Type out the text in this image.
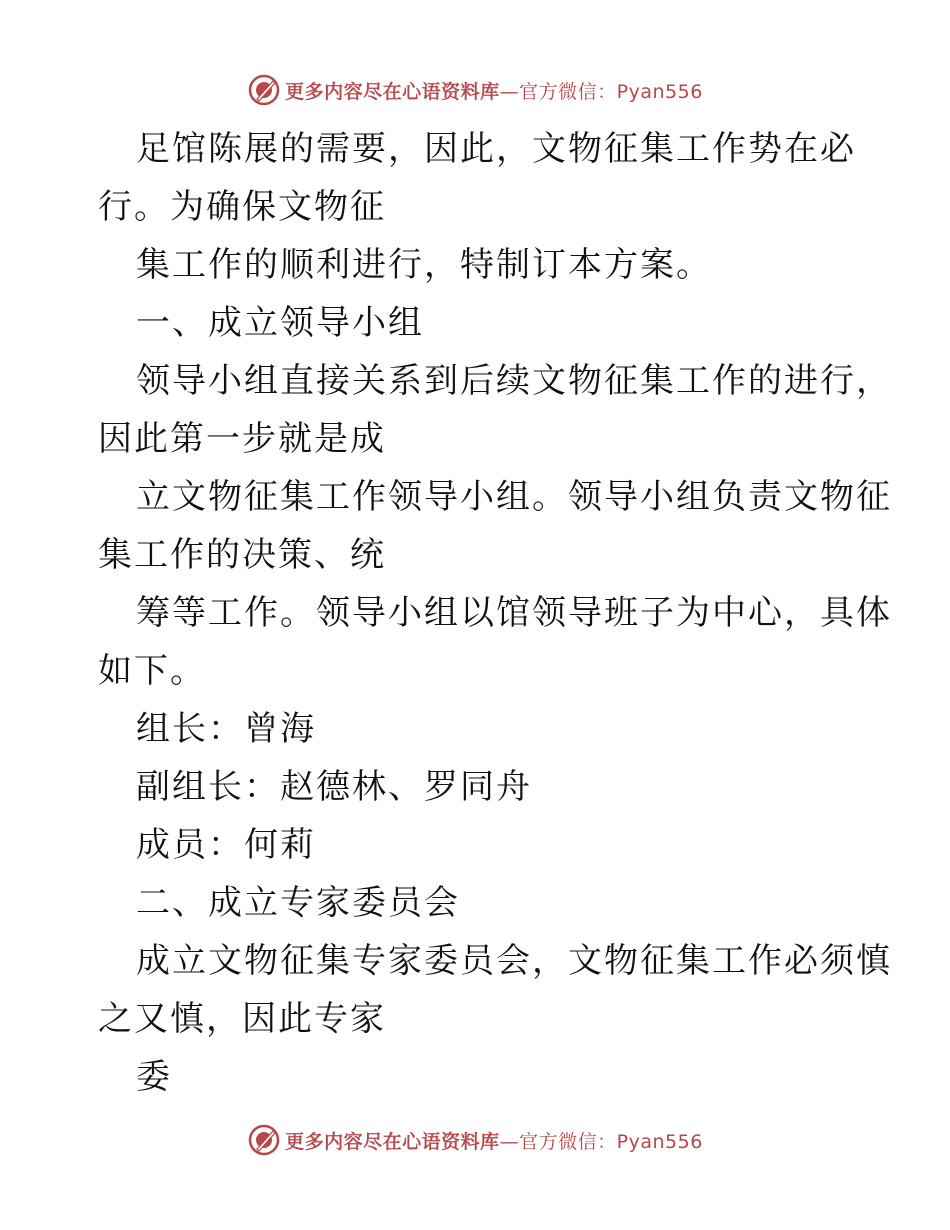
更多内容尽在心语资料库—官方微信：Pyan556
足馆陈展的需要，因此，文物征集工作势在必
行。为确保文物征
集工作的顺利进行，特制订本方案。
一、成立领导小组
领导小组直接关系到后续文物征集工作的进行，
因此第一步就是成
立文物征集工作领导小组。领导小组负责文物征
集工作的决策、统
筹等工作。领导小组以馆领导班子为中心，具体
如下。
组长：曾海
副组长：赵德林、罗同舟
成员：何莉
二、成立专家委员会
成立文物征集专家委员会，文物征集工作必须慎
之又慎，因此专家
委
更多内容尽在心语资料库—官方微信：Pyan556
